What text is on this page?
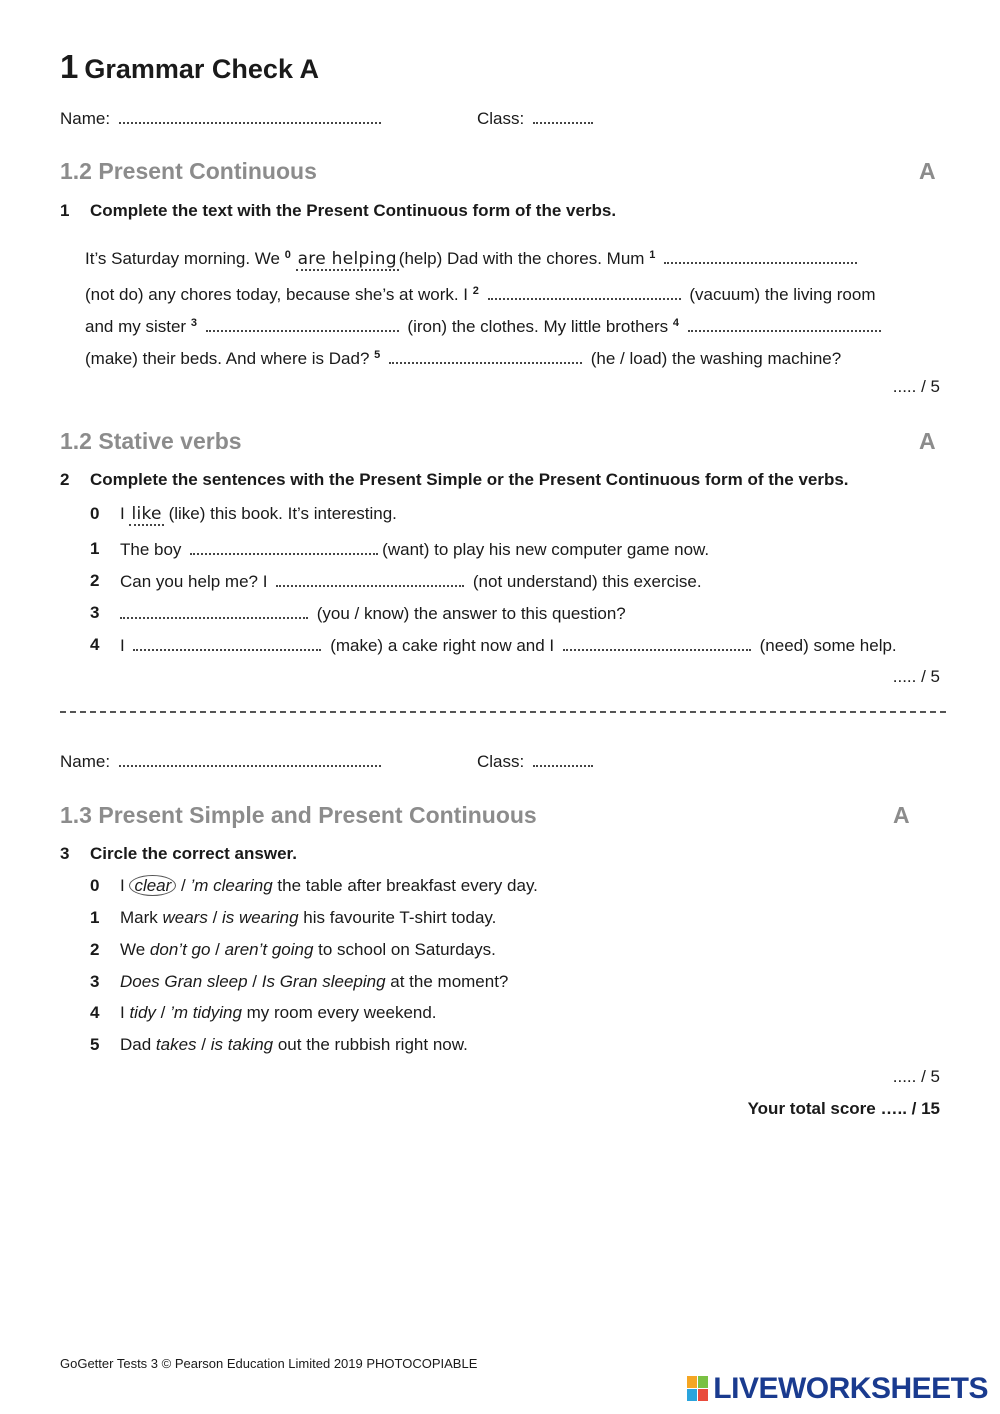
1 Grammar Check A
Name:	Class:
1.2 Present Continuous	A
1 Complete the text with the Present Continuous form of the verbs.
It’s Saturday morning. We $^0$ are helping (help) Dad with the chores. Mum $^1$
(not do) any chores today, because she’s at work. I $^2$	(vacuum) the living room
and my sister $^3$	(iron) the clothes. My little brothers $^4$
(make) their beds. And where is Dad? $^5$	(he / load) the washing machine?
..... / 5
1.2 Stative verbs	A
2 Complete the sentences with the Present Simple or the Present Continuous form of the verbs.
0 I like (like) this book. It’s interesting.
1 The boy	(want) to play his new computer game now.
2 Can you help me? I	(not understand) this exercise.
3	(you / know) the answer to this question?
4 I	(make) a cake right now and I	(need) some help.
..... / 5
Name:	Class:
1.3 Present Simple and Present Continuous	A
3 Circle the correct answer.
0 I clear / ’m clearing the table after breakfast every day.
1 Mark wears / is wearing his favourite T-shirt today.
2 We don’t go / aren’t going to school on Saturdays.
3 Does Gran sleep / Is Gran sleeping at the moment?
4 I tidy / ’m tidying my room every weekend.
5 Dad takes / is taking out the rubbish right now.
..... / 5
Your total score ….. / 15
GoGetter Tests 3 © Pearson Education Limited 2019 PHOTOCOPIABLE
LIVEWORKSHEETS
